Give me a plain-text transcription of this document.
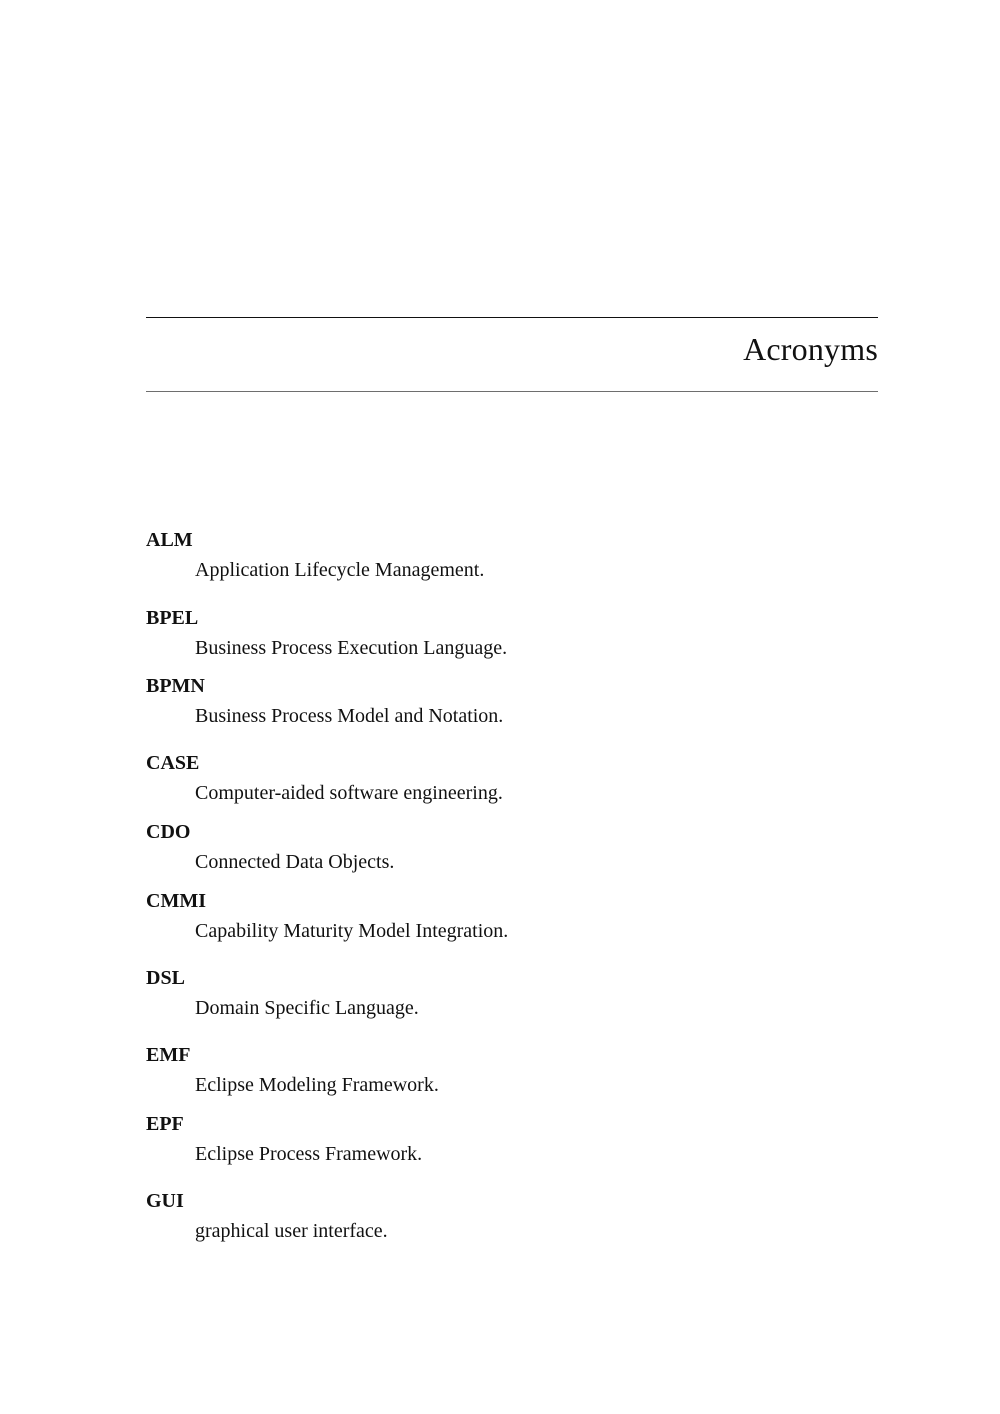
Acronyms
ALM
Application Lifecycle Management.
BPEL
Business Process Execution Language.
BPMN
Business Process Model and Notation.
CASE
Computer-aided software engineering.
CDO
Connected Data Objects.
CMMI
Capability Maturity Model Integration.
DSL
Domain Specific Language.
EMF
Eclipse Modeling Framework.
EPF
Eclipse Process Framework.
GUI
graphical user interface.
